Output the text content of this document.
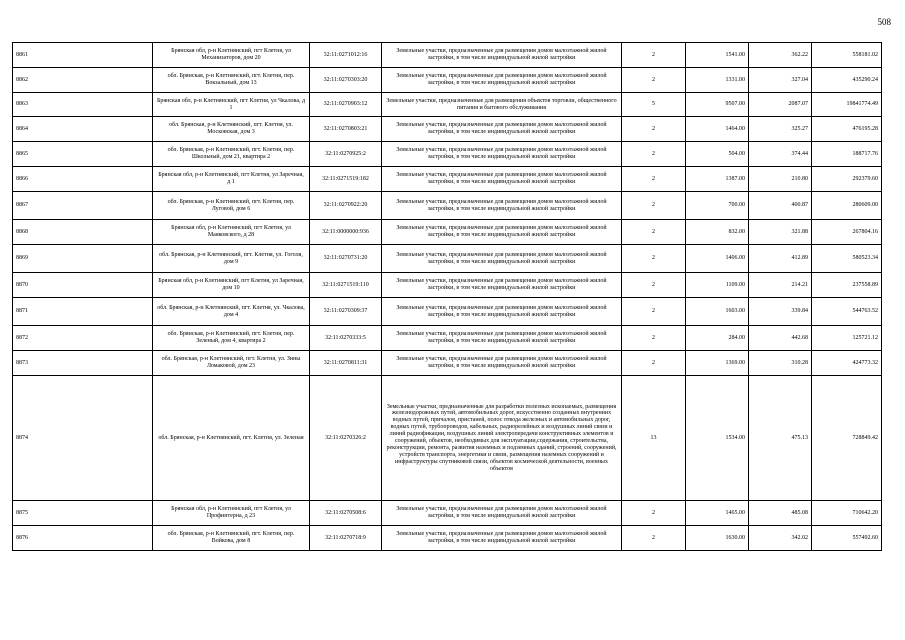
508
8861	Брянская обл, р-н Клетнянский, пгт Клетня, ул Механизаторов, дом 20	32:11:0271012:16	Земельные участки, предназначенные для размещения домов малоэтажной жилой застройки, в том числе индивидуальной жилой застройки	2	1541.00	362.22	558181.02
8862	обл. Брянская, р-н Клетнянский, пгт. Клетня, пер. Вокзальный, дом 13	32:11:0270303:20	Земельные участки, предназначенные для размещения домов малоэтажной жилой застройки, в том числе индивидуальной жилой застройки	2	1331.00	327.04	435290.24
8863	Брянская обл, р-н Клетнянский, пгт Клетня, ул Чкалова, д 1	32:11:0270903:12	Земельные участки, предназначенные для размещения объектов торговли, общественного питания и бытового обслуживания	5	9507.00	2087.07	19841774.49
8864	обл. Брянская, р-н Клетнянский, пгт. Клетня, ул. Московская, дом 3	32:11:0270803:21	Земельные участки, предназначенные для размещения домов малоэтажной жилой застройки, в том числе индивидуальной жилой застройки	2	1464.00	325.27	476195.28
8865	обл. Брянская, р-н Клетнянский, пгт. Клетня, пер. Школьный, дом 21, квартира 2	32:11:0270925:2	Земельные участки, предназначенные для размещения домов малоэтажной жилой застройки, в том числе индивидуальной жилой застройки	2	504.00	374.44	188717.76
8866	Брянская обл, р-н Клетнянский, пгт Клетня, ул Заречная, д 1	32:11:0271519:182	Земельные участки, предназначенные для размещения домов малоэтажной жилой застройки, в том числе индивидуальной жилой застройки	2	1387.00	210.80	292379.60
8867	обл. Брянская, р-н Клетнянский, пгт. Клетня, пер. Луговой, дом 6	32:11:0270922:20	Земельные участки, предназначенные для размещения домов малоэтажной жилой застройки, в том числе индивидуальной жилой застройки	2	700.00	400.87	280609.00
8868	Брянская обл, р-н Клетнянский, пгт Клетня, ул Маяковского, д 28	32:11:0000000:936	Земельные участки, предназначенные для размещения домов малоэтажной жилой застройки, в том числе индивидуальной жилой застройки	2	832.00	321.88	267804.16
8869	обл. Брянская, р-н Клетнянский, пгт. Клетня, ул. Гоголя, дом 9	32:11:0270731:20	Земельные участки, предназначенные для размещения домов малоэтажной жилой застройки, в том числе индивидуальной жилой застройки	2	1406.00	412.89	580523.34
8870	Брянская обл, р-н Клетнянский, пгт Клетня, ул Заречная, дом 10	32:11:0271519:110	Земельные участки, предназначенные для размещения домов малоэтажной жилой застройки, в том числе индивидуальной жилой застройки	2	1109.00	214.21	237558.89
8871	обл. Брянская, р-н Клетнянский, пгт. Клетня, ул. Чкалова, дом 4	32:11:0270309:37	Земельные участки, предназначенные для размещения домов малоэтажной жилой застройки, в том числе индивидуальной жилой застройки	2	1603.00	339.84	544763.52
8872	обл. Брянская, р-н Клетнянский, пгт. Клетня, пер. Зеленый, дом 4, квартира 2	32:11:0270333:5	Земельные участки, предназначенные для размещения домов малоэтажной жилой застройки, в том числе индивидуальной жилой застройки	2	284.00	442.68	125721.12
8873	обл. Брянская, р-н Клетнянский, пгт. Клетня, ул. Зины Ломаковой, дом 23	32:11:0270811:31	Земельные участки, предназначенные для размещения домов малоэтажной жилой застройки, в том числе индивидуальной жилой застройки	2	1369.00	310.28	424773.32
8874	обл. Брянская, р-н Клетнянский, пгт. Клетня, ул. Зеленая	32:11:0270326:2	Земельные участки, предназначенные для разработки полезных ископаемых, размещения железнодорожных путей, автомобильных дорог, искусственно созданных внутренних водных путей, причалов, пристаней, полос отвода железных и автомобильных дорог, водных путей, трубопроводов, кабельных, радиорелейных и воздушных линий связи и линий радиофикации, воздушных линий электропередачи конструктивных элементов и сооружений, объектов, необходимых для эксплуатации,содержания, строительства, реконструкции, ремонта, развития наземных и подземных зданий, строений, сооружений, устройств транспорта, энергетики и связи, размещения наземных сооружений и инфраструктуры спутниковой связи, объектов космической деятельности, военных объектов	13	1534.00	475.13	728849.42
8875	Брянская обл, р-н Клетнянский, пгт Клетня, ул Профинтерна, д 23	32:11:0270508:6	Земельные участки, предназначенные для размещения домов малоэтажной жилой застройки, в том числе индивидуальной жилой застройки	2	1465.00	485.08	710642.20
8876	обл. Брянская, р-н Клетнянский, пгт. Клетня, пер. Войкова, дом 8	32:11:0270718:9	Земельные участки, предназначенные для размещения домов малоэтажной жилой застройки, в том числе индивидуальной жилой застройки	2	1630.00	342.02	557492.60
